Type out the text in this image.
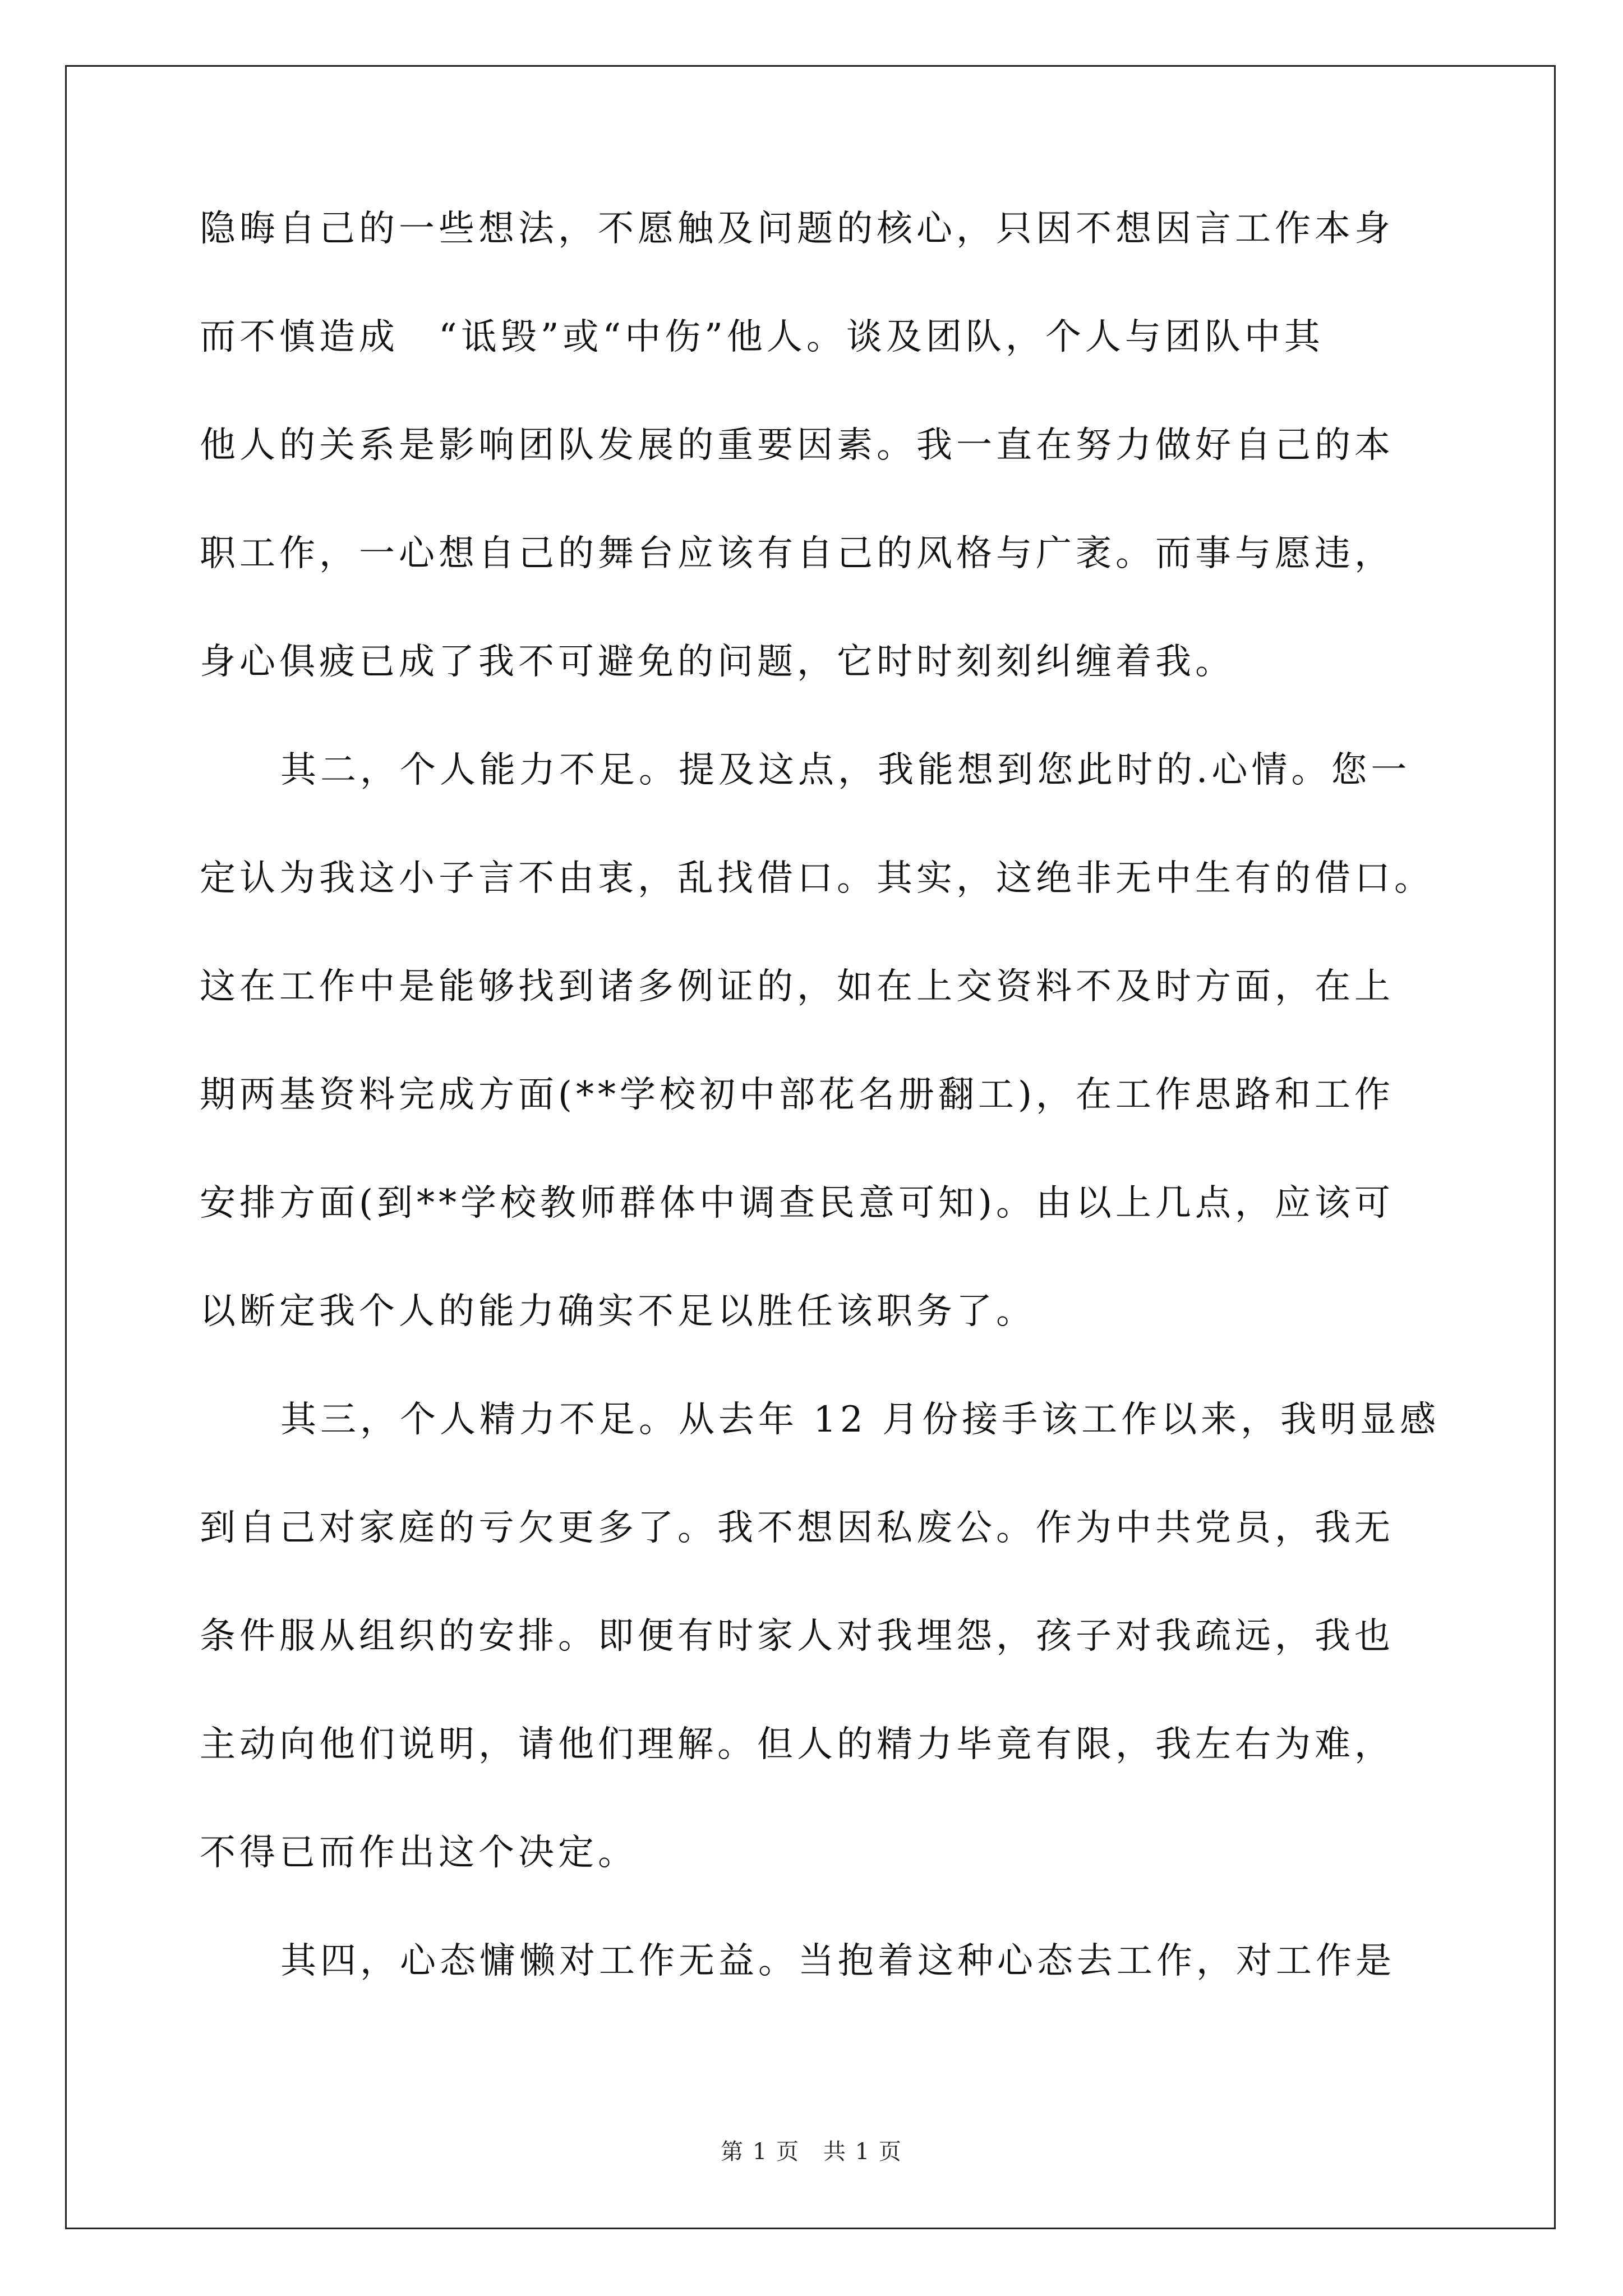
隐晦自己的一些想法，不愿触及问题的核心，只因不想因言工作本身
而不慎造成　“诋毁”或“中伤”他人。谈及团队，个人与团队中其
他人的关系是影响团队发展的重要因素。我一直在努力做好自己的本
职工作，一心想自己的舞台应该有自己的风格与广袤。而事与愿违，
身心俱疲已成了我不可避免的问题，它时时刻刻纠缠着我。
其二，个人能力不足。提及这点，我能想到您此时的.心情。您一
定认为我这小子言不由衷，乱找借口。其实，这绝非无中生有的借口。
这在工作中是能够找到诸多例证的，如在上交资料不及时方面，在上
期两基资料完成方面(**学校初中部花名册翻工)，在工作思路和工作
安排方面(到**学校教师群体中调查民意可知)。由以上几点，应该可
以断定我个人的能力确实不足以胜任该职务了。
其三，个人精力不足。从去年 12 月份接手该工作以来，我明显感
到自己对家庭的亏欠更多了。我不想因私废公。作为中共党员，我无
条件服从组织的安排。即便有时家人对我埋怨，孩子对我疏远，我也
主动向他们说明，请他们理解。但人的精力毕竟有限，我左右为难，
不得已而作出这个决定。
其四，心态慵懒对工作无益。当抱着这种心态去工作，对工作是
第 1 页　共 1 页
